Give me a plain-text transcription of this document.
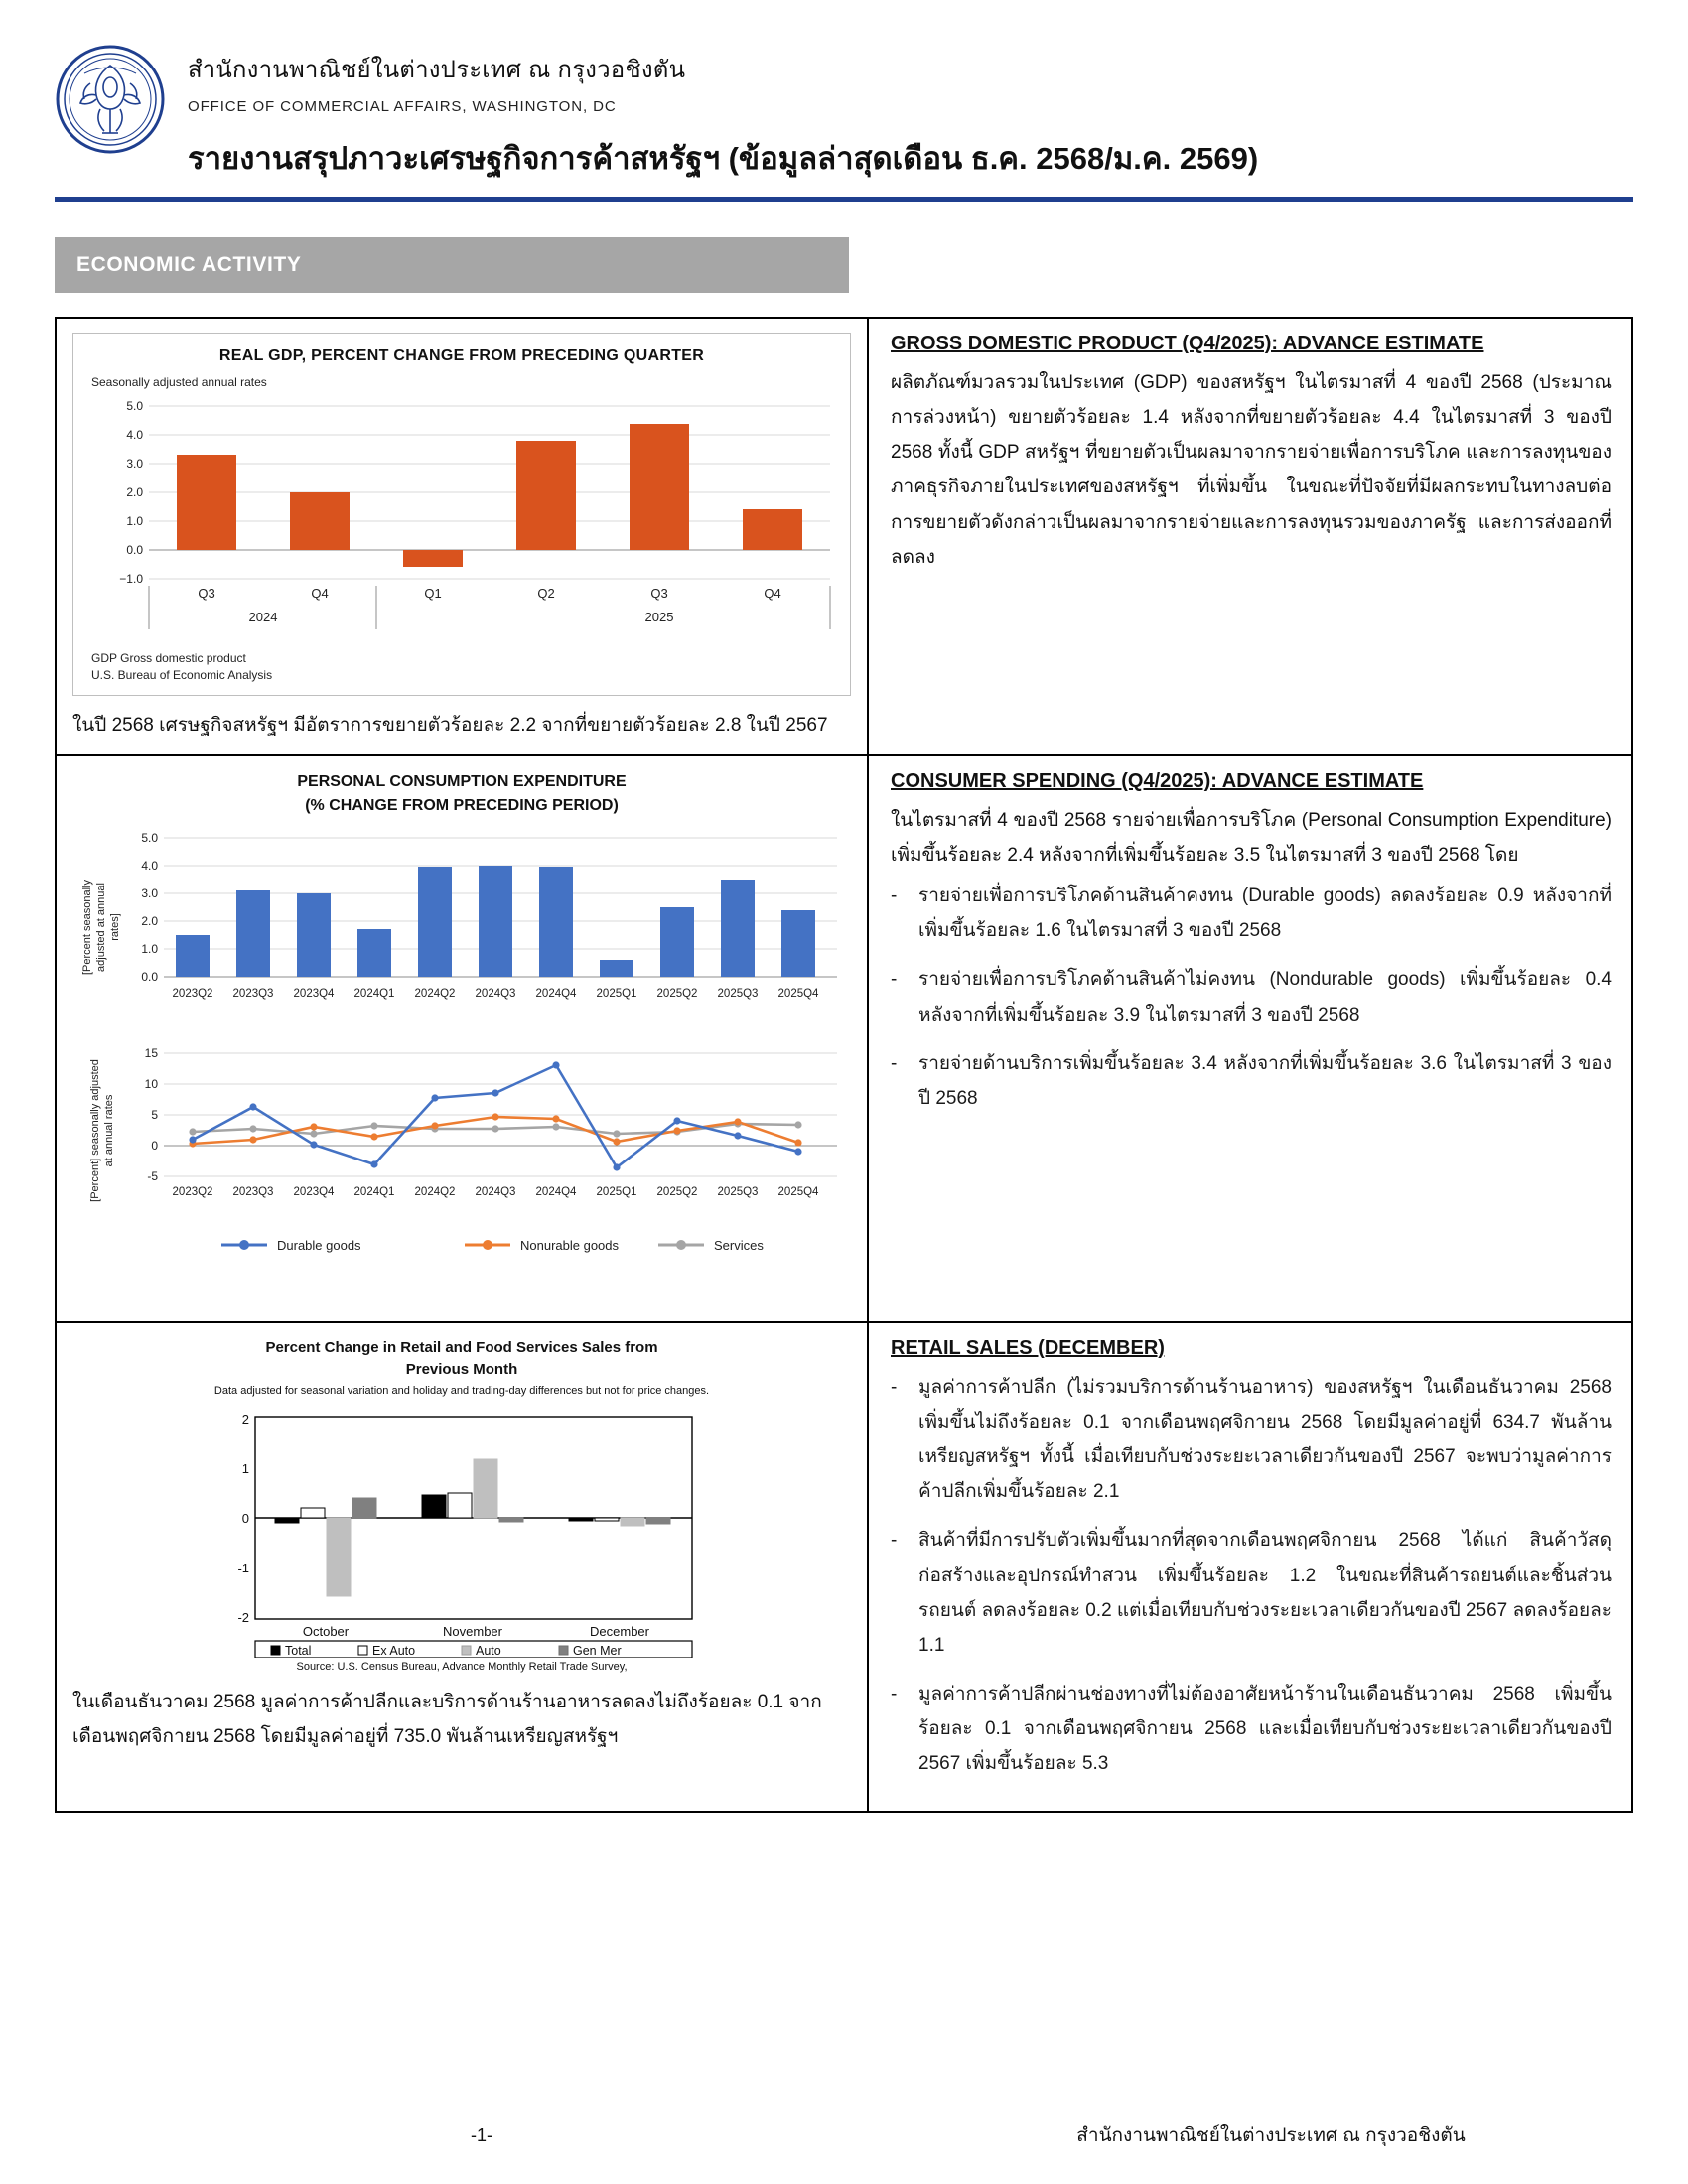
สำนักงานพาณิชย์ในต่างประเทศ ณ กรุงวอชิงตัน
OFFICE OF COMMERCIAL AFFAIRS, WASHINGTON, DC
รายงานสรุปภาวะเศรษฐกิจการค้าสหรัฐฯ (ข้อมูลล่าสุดเดือน ธ.ค. 2568/ม.ค. 2569)
ECONOMIC ACTIVITY
REAL GDP, PERCENT CHANGE FROM PRECEDING QUARTER
Seasonally adjusted annual rates
5.0
4.0
3.0
2.0
1.0
0.0
−1.0
Q3	Q4	Q1	Q2	Q3	Q4
2024	2025
GDP Gross domestic product
U.S. Bureau of Economic Analysis
ในปี 2568 เศรษฐกิจสหรัฐฯ มีอัตราการขยายตัวร้อยละ 2.2 จากที่ขยายตัวร้อยละ 2.8 ในปี 2567
GROSS DOMESTIC PRODUCT (Q4/2025): ADVANCE ESTIMATE
ผลิตภัณฑ์มวลรวมในประเทศ (GDP) ของสหรัฐฯ ในไตรมาสที่ 4 ของปี 2568 (ประมาณการล่วงหน้า) ขยายตัวร้อยละ 1.4 หลังจากที่ขยายตัวร้อยละ 4.4 ในไตรมาสที่ 3 ของปี 2568 ทั้งนี้ GDP สหรัฐฯ ที่ขยายตัวเป็นผลมาจากรายจ่ายเพื่อการบริโภค และการลงทุนของภาคธุรกิจภายในประเทศของสหรัฐฯ ที่เพิ่มขึ้น ในขณะที่ปัจจัยที่มีผลกระทบในทางลบต่อการขยายตัวดังกล่าวเป็นผลมาจากรายจ่ายและการลงทุนรวมของภาครัฐ และการส่งออกที่ลดลง
PERSONAL CONSUMPTION EXPENDITURE
(% CHANGE FROM PRECEDING PERIOD)
[Percent seasonally adjusted at annual rates]
5.0
4.0
3.0
2.0
1.0
0.0
2023Q2 2023Q3 2023Q4 2024Q1 2024Q2 2024Q3 2024Q4 2025Q1 2025Q2 2025Q3 2025Q4

[Percent] seasonally adjusted at annual rates
15
10
5
0
-5
2023Q2 2023Q3 2023Q4 2024Q1 2024Q2 2024Q3 2024Q4 2025Q1 2025Q2 2025Q3 2025Q4
Durable goods	Nonurable goods	Services
CONSUMER SPENDING (Q4/2025): ADVANCE ESTIMATE
ในไตรมาสที่ 4 ของปี 2568 รายจ่ายเพื่อการบริโภค (Personal Consumption Expenditure) เพิ่มขึ้นร้อยละ 2.4 หลังจากที่เพิ่มขึ้นร้อยละ 3.5 ในไตรมาสที่ 3 ของปี 2568 โดย
-	รายจ่ายเพื่อการบริโภคด้านสินค้าคงทน (Durable goods) ลดลงร้อยละ 0.9 หลังจากที่เพิ่มขึ้นร้อยละ 1.6 ในไตรมาสที่ 3 ของปี 2568
-	รายจ่ายเพื่อการบริโภคด้านสินค้าไม่คงทน (Nondurable goods) เพิ่มขึ้นร้อยละ 0.4 หลังจากที่เพิ่มขึ้นร้อยละ 3.9 ในไตรมาสที่ 3 ของปี 2568
-	รายจ่ายด้านบริการเพิ่มขึ้นร้อยละ 3.4 หลังจากที่เพิ่มขึ้นร้อยละ 3.6 ในไตรมาสที่ 3 ของปี 2568
Percent Change in Retail and Food Services Sales from
Previous Month
Data adjusted for seasonal variation and holiday and trading-day differences but not for price changes.
2
1
0
-1
-2
October	November	December
Total	Ex Auto	Auto	Gen Mer
Source: U.S. Census Bureau, Advance Monthly Retail Trade Survey,
ในเดือนธันวาคม 2568 มูลค่าการค้าปลีกและบริการด้านร้านอาหารลดลงไม่ถึงร้อยละ 0.1 จากเดือนพฤศจิกายน 2568 โดยมีมูลค่าอยู่ที่ 735.0 พันล้านเหรียญสหรัฐฯ
RETAIL SALES (DECEMBER)
-	มูลค่าการค้าปลีก (ไม่รวมบริการด้านร้านอาหาร) ของสหรัฐฯ ในเดือนธันวาคม 2568 เพิ่มขึ้นไม่ถึงร้อยละ 0.1 จากเดือนพฤศจิกายน 2568 โดยมีมูลค่าอยู่ที่ 634.7 พันล้านเหรียญสหรัฐฯ ทั้งนี้ เมื่อเทียบกับช่วงระยะเวลาเดียวกันของปี 2567 จะพบว่ามูลค่าการค้าปลีกเพิ่มขึ้นร้อยละ 2.1
-	สินค้าที่มีการปรับตัวเพิ่มขึ้นมากที่สุดจากเดือนพฤศจิกายน 2568 ได้แก่ สินค้าวัสดุก่อสร้างและอุปกรณ์ทำสวน เพิ่มขึ้นร้อยละ 1.2 ในขณะที่สินค้ารถยนต์และชิ้นส่วนรถยนต์ ลดลงร้อยละ 0.2 แต่เมื่อเทียบกับช่วงระยะเวลาเดียวกันของปี 2567 ลดลงร้อยละ 1.1
-	มูลค่าการค้าปลีกผ่านช่องทางที่ไม่ต้องอาศัยหน้าร้านในเดือนธันวาคม 2568 เพิ่มขึ้นร้อยละ 0.1 จากเดือนพฤศจิกายน 2568 และเมื่อเทียบกับช่วงระยะเวลาเดียวกันของปี 2567 เพิ่มขึ้นร้อยละ 5.3
-1-	สำนักงานพาณิชย์ในต่างประเทศ ณ กรุงวอชิงตัน
